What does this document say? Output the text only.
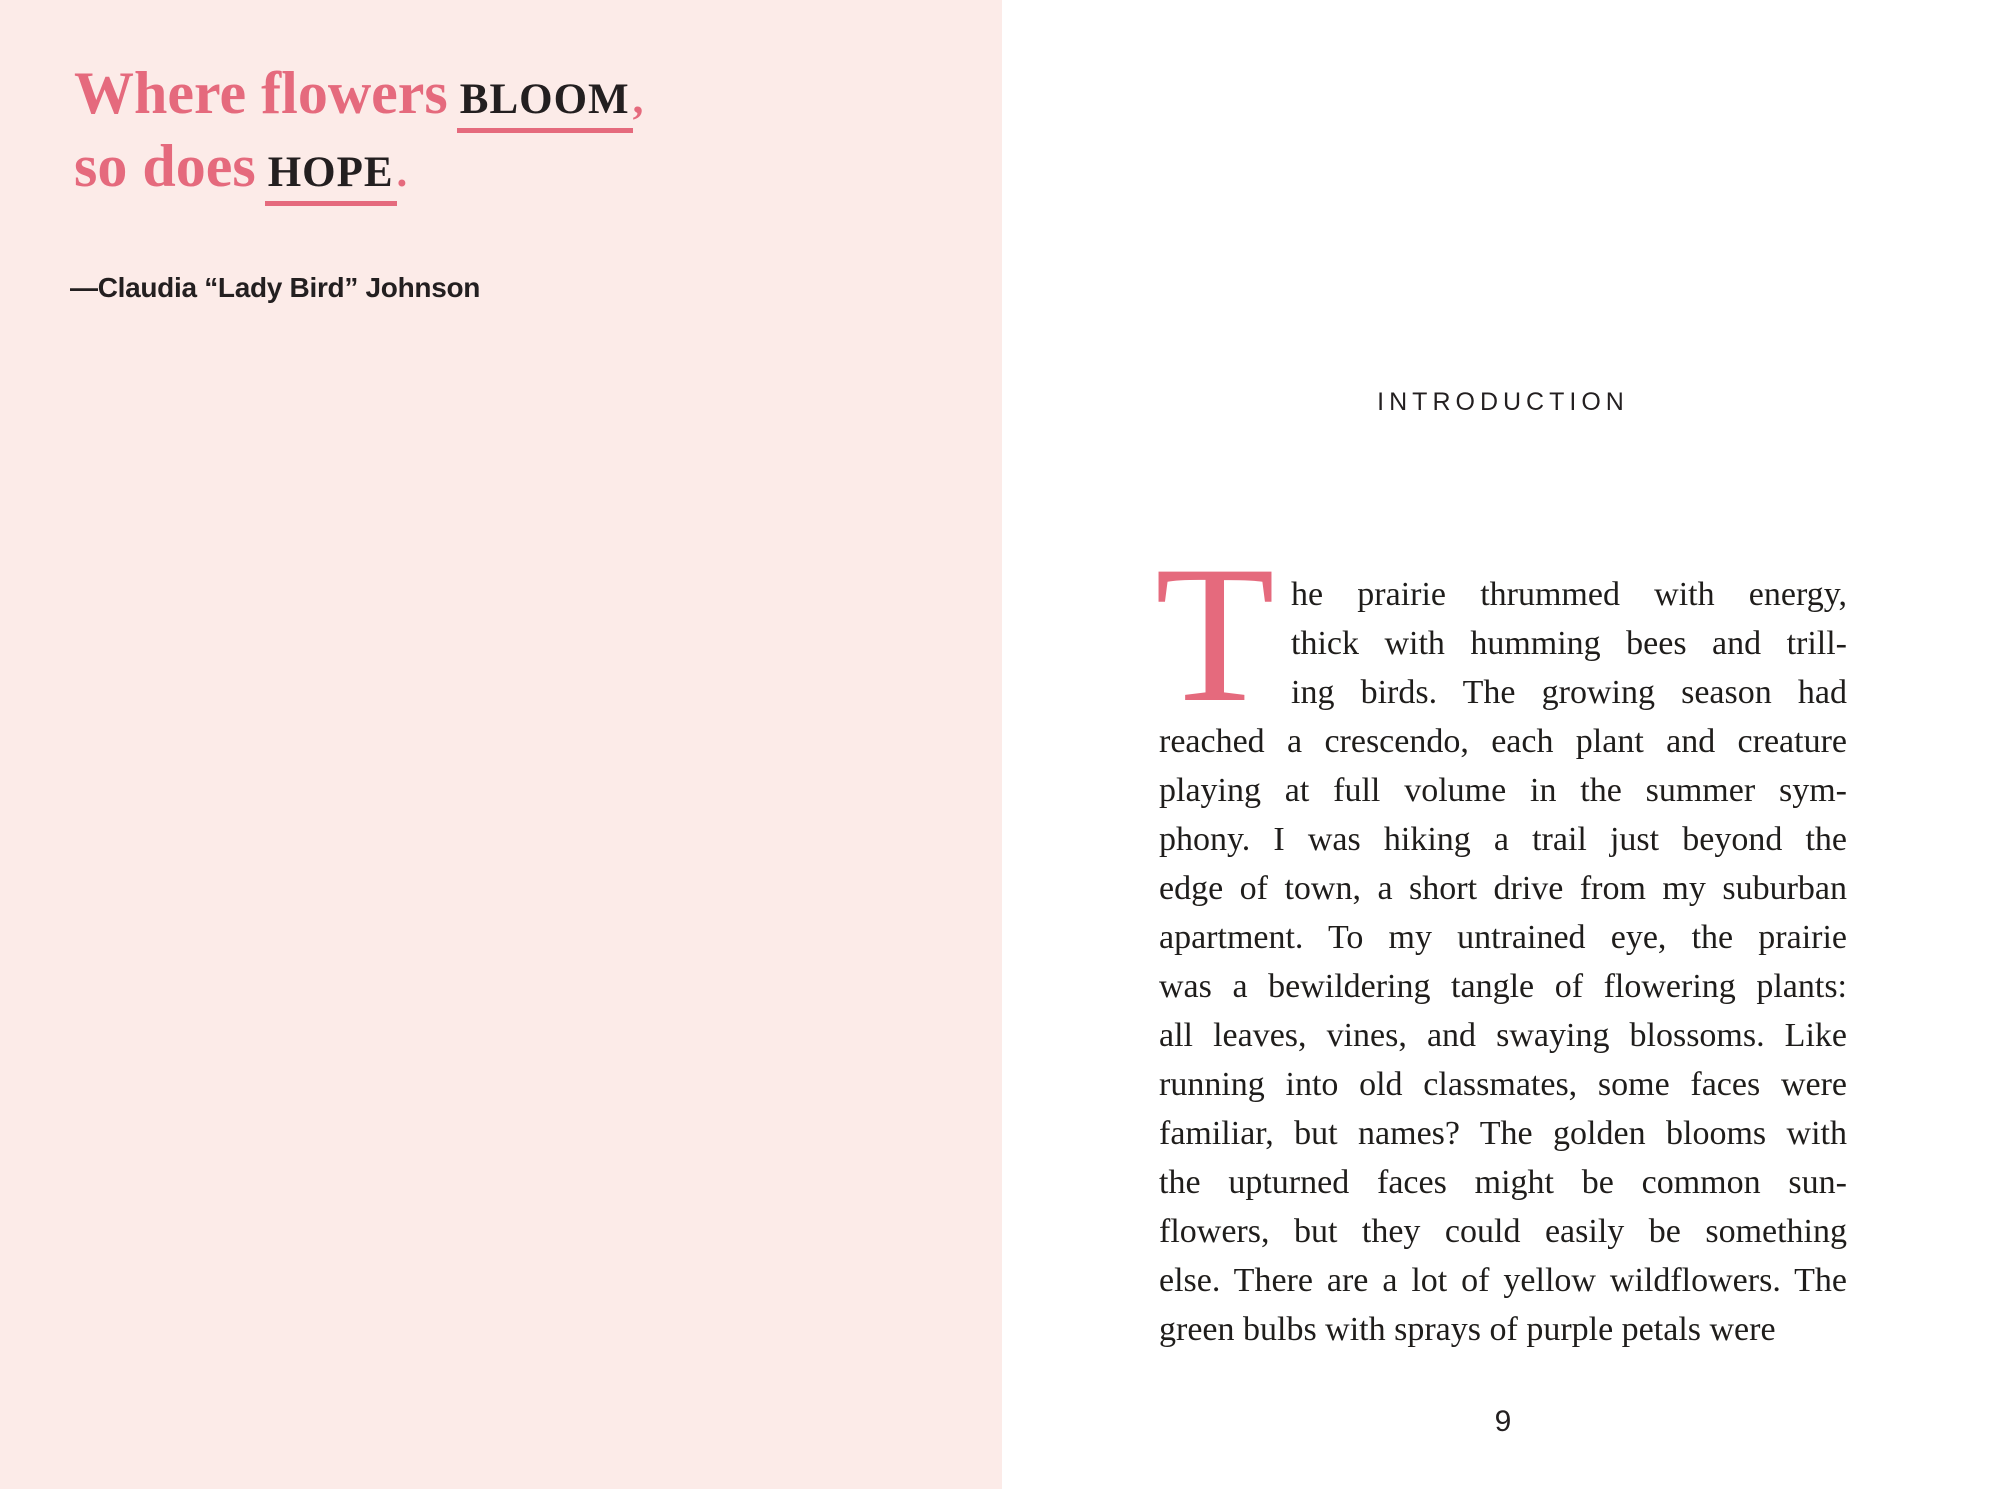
Where flowers BLOOM,
so does HOPE.
—Claudia “Lady Bird” Johnson
INTRODUCTION
T he prairie thrummed with energy,
thick with humming bees and trill-
ing birds. The growing season had
reached a crescendo, each plant and creature
playing at full volume in the summer sym-
phony. I was hiking a trail just beyond the
edge of town, a short drive from my suburban
apartment. To my untrained eye, the prairie
was a bewildering tangle of flowering plants:
all leaves, vines, and swaying blossoms. Like
running into old classmates, some faces were
familiar, but names? The golden blooms with
the upturned faces might be common sun-
flowers, but they could easily be something
else. There are a lot of yellow wildflowers. The
green bulbs with sprays of purple petals were
9
